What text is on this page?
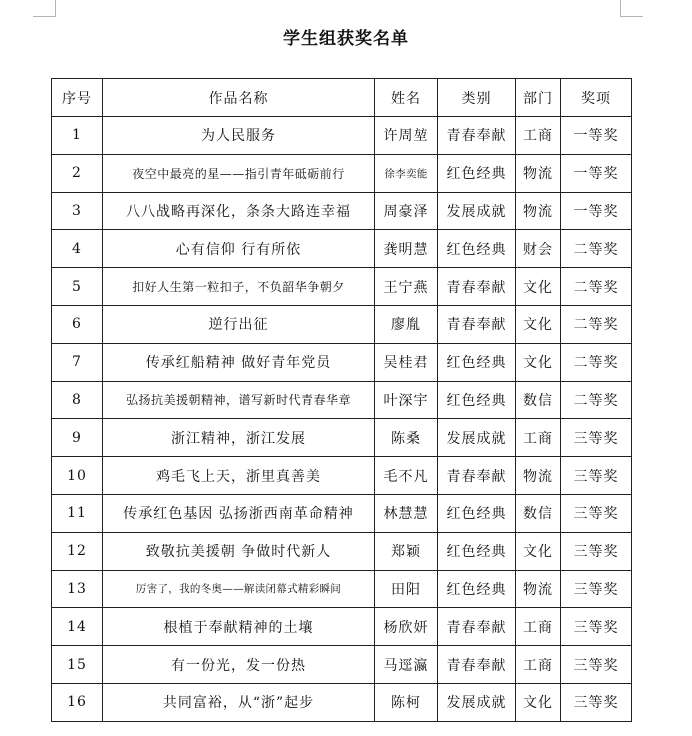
学生组获奖名单
序号	作品名称	姓名	类别	部门	奖项
1	为人民服务	许周堃	青春奉献	工商	一等奖
2	夜空中最亮的星——指引青年砥砺前行	徐李奕能	红色经典	物流	一等奖
3	八八战略再深化，条条大路连幸福	周豪泽	发展成就	物流	一等奖
4	心有信仰 行有所依	龚明慧	红色经典	财会	二等奖
5	扣好人生第一粒扣子，不负韶华争朝夕	王宁燕	青春奉献	文化	二等奖
6	逆行出征	廖胤	青春奉献	文化	二等奖
7	传承红船精神 做好青年党员	吴桂君	红色经典	文化	二等奖
8	弘扬抗美援朝精神，谱写新时代青春华章	叶深宇	红色经典	数信	二等奖
9	浙江精神，浙江发展	陈桑	发展成就	工商	三等奖
10	鸡毛飞上天，浙里真善美	毛不凡	青春奉献	物流	三等奖
11	传承红色基因 弘扬浙西南革命精神	林慧慧	红色经典	数信	三等奖
12	致敬抗美援朝 争做时代新人	郑颖	红色经典	文化	三等奖
13	厉害了，我的冬奥——解读闭幕式精彩瞬间	田阳	红色经典	物流	三等奖
14	根植于奉献精神的土壤	杨欣妍	青春奉献	工商	三等奖
15	有一份光，发一份热	马逕瀛	青春奉献	工商	三等奖
16	共同富裕，从“浙”起步	陈柯	发展成就	文化	三等奖
